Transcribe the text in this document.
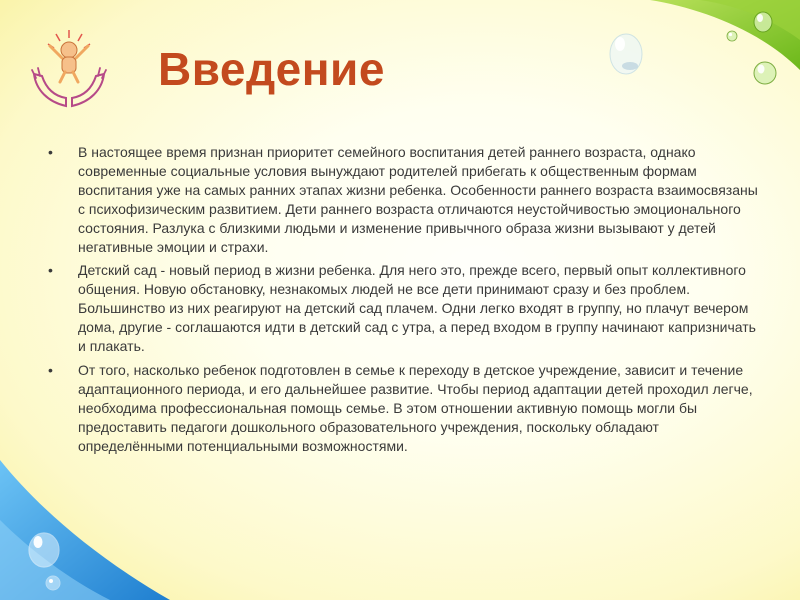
Введение
•	В настоящее время признан приоритет семейного воспитания детей раннего возраста, однако современные социальные условия вынуждают родителей прибегать к общественным формам воспитания уже на самых ранних этапах жизни ребенка. Особенности раннего возраста взаимосвязаны с психофизическим развитием. Дети раннего возраста отличаются неустойчивостью эмоционального состояния. Разлука с близкими людьми и изменение привычного образа жизни вызывают у детей негативные эмоции и страхи.
•	Детский сад - новый период в жизни ребенка. Для него это, прежде всего, первый опыт коллективного общения. Новую обстановку, незнакомых людей не все дети принимают сразу и без проблем. Большинство из них реагируют на детский сад плачем. Одни легко входят в группу, но плачут вечером дома, другие - соглашаются идти в детский сад с утра, а перед входом в группу начинают капризничать и плакать.
•	От того, насколько ребенок подготовлен в семье к переходу в детское учреждение, зависит и течение адаптационного периода, и его дальнейшее развитие. Чтобы период адаптации детей проходил легче, необходима профессиональная помощь семье. В этом отношении активную помощь могли бы предоставить педагоги дошкольного образовательного учреждения, поскольку обладают определёнными потенциальными возможностями.
